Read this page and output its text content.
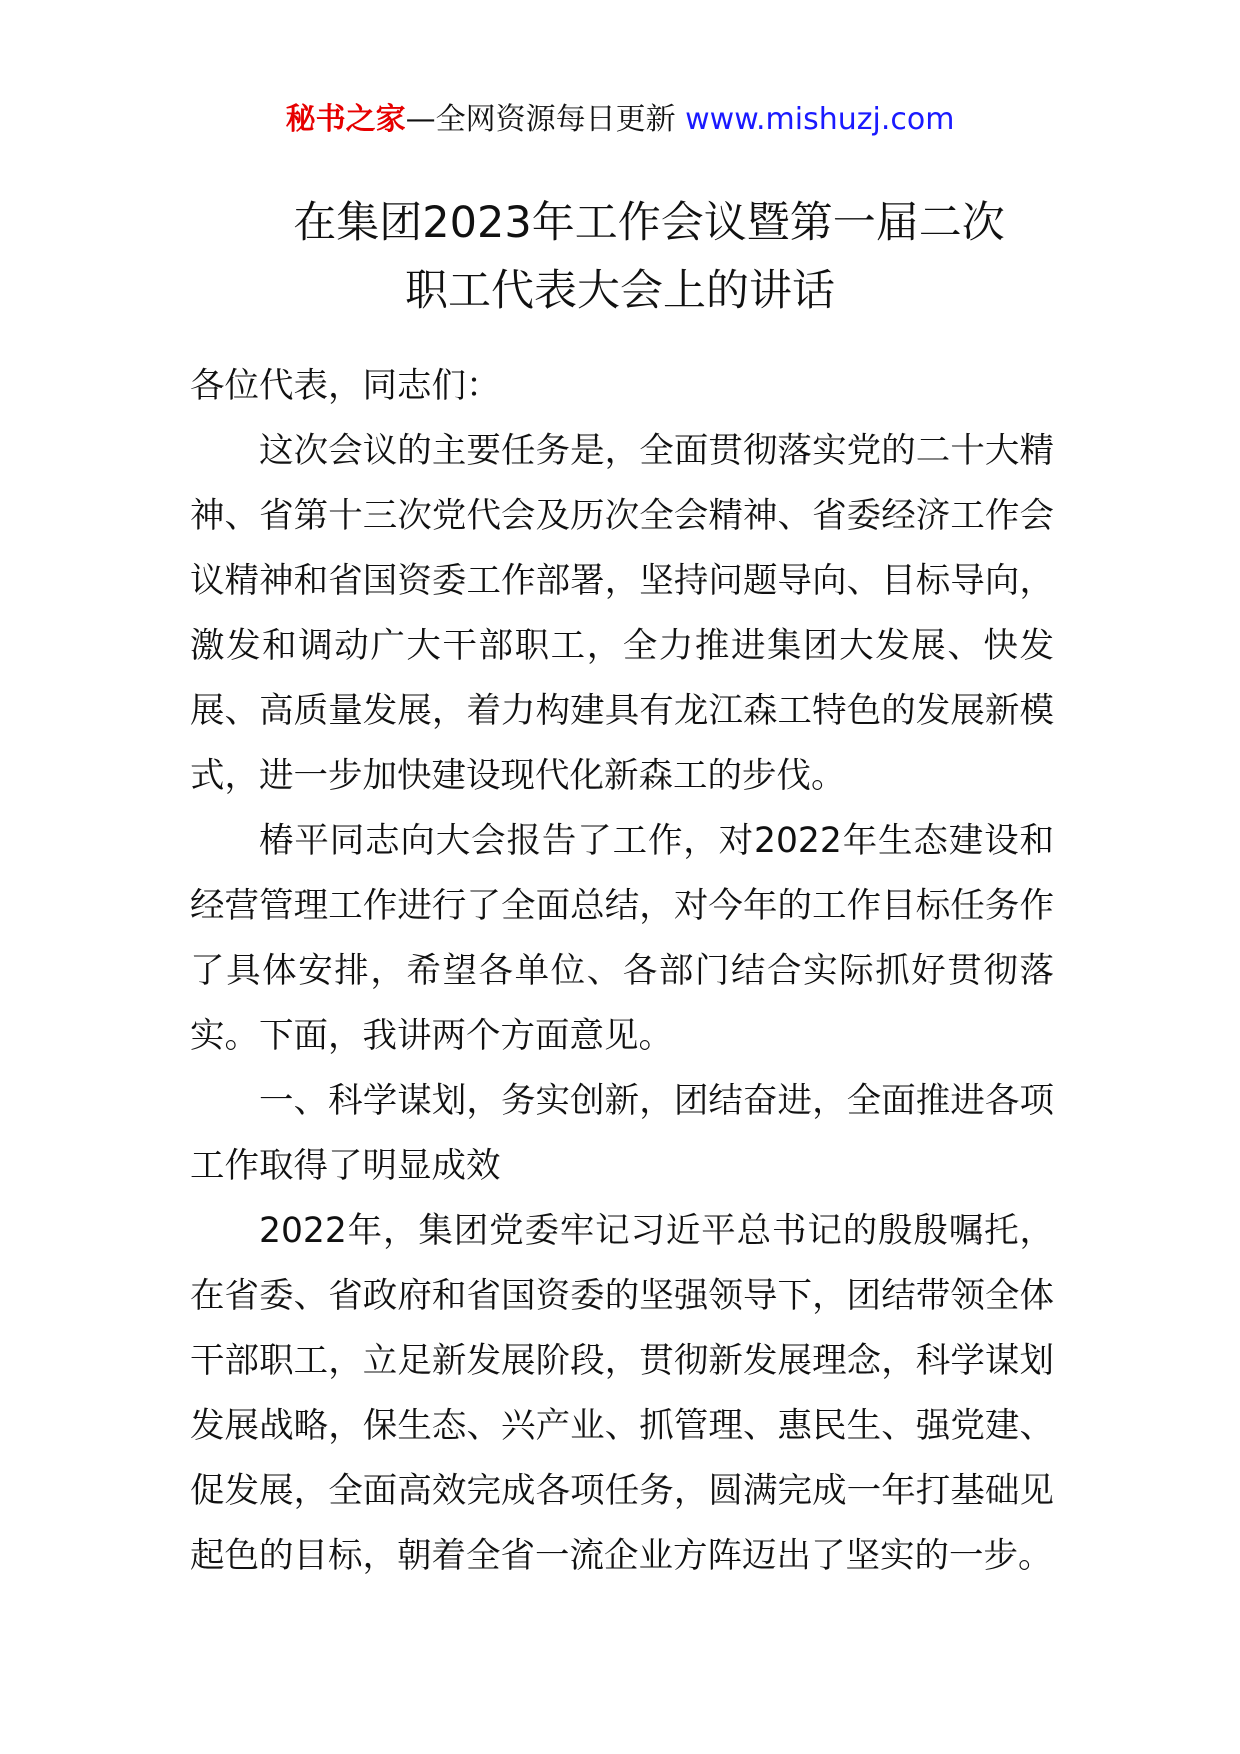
秘书之家—全网资源每日更新 www.mishuzj.com
在集团2023年工作会议暨第一届二次
职工代表大会上的讲话

各位代表，同志们：

这次会议的主要任务是，全面贯彻落实党的二十大精神、省第十三次党代会及历次全会精神、省委经济工作会议精神和省国资委工作部署，坚持问题导向、目标导向，激发和调动广大干部职工，全力推进集团大发展、快发展、高质量发展，着力构建具有龙江森工特色的发展新模式，进一步加快建设现代化新森工的步伐。

椿平同志向大会报告了工作，对2022年生态建设和经营管理工作进行了全面总结，对今年的工作目标任务作了具体安排，希望各单位、各部门结合实际抓好贯彻落实。下面，我讲两个方面意见。

一、科学谋划，务实创新，团结奋进，全面推进各项工作取得了明显成效

2022年，集团党委牢记习近平总书记的殷殷嘱托，在省委、省政府和省国资委的坚强领导下，团结带领全体干部职工，立足新发展阶段，贯彻新发展理念，科学谋划发展战略，保生态、兴产业、抓管理、惠民生、强党建、促发展，全面高效完成各项任务，圆满完成一年打基础见起色的目标，朝着全省一流企业方阵迈出了坚实的一步。
